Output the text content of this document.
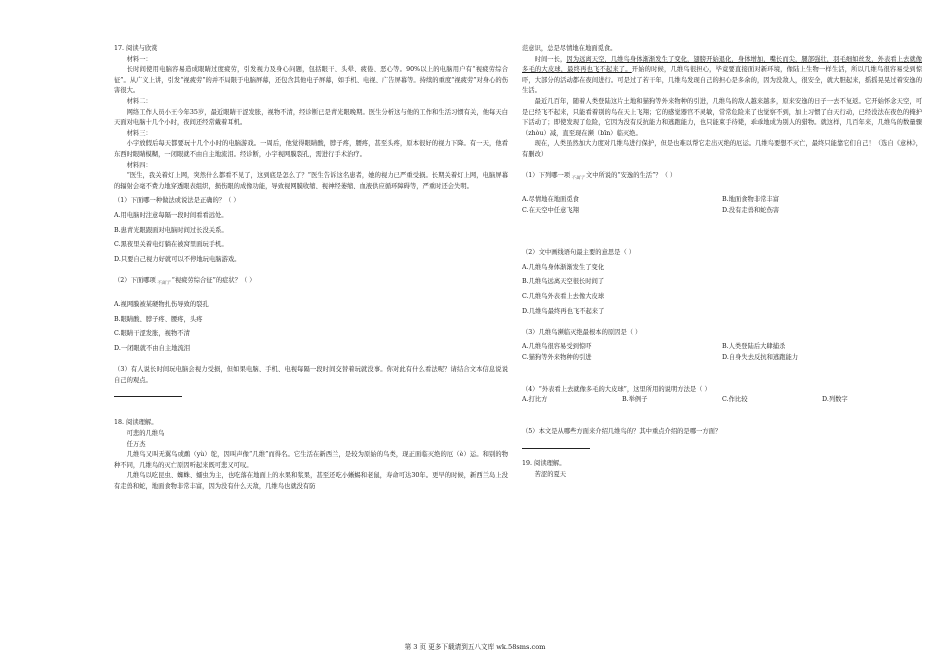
17. 阅读与欣赏

材料一：

长时间使用电脑容易造成眼睛过度疲劳，引发视力及身心问题，包括眼干、头晕、疲倦、恶心等。90%以上的电脑用户有“视疲劳综合征”。从广义上讲，引发“视疲劳”的并不局限于电脑屏幕，还包含其他电子屏幕，如手机、电视、广告屏幕等。持续的重度“视疲劳”对身心的伤害很大。

材料二：

网络工作人员小王今年35岁，最近眼睛干涩发胀，视物不清，经诊断已是青光眼晚期。医生分析这与他的工作和生活习惯有关，他每天白天面对电脑十几个小时，夜间还经常戴着耳机。

材料三：

小宇放假后每天都要玩十几个小时的电脑游戏。一周后，他觉得眼睛酸，脖子疼，腰疼，甚至头疼，原本很好的视力下降。有一天，他看东西时眼睛模糊，一闭眼就不由自主地流泪。经诊断，小宇视网膜裂孔，需进行手术治疗。

材料四：

“医生，我关着灯上网，突然什么都看不见了，这到底是怎么了？”医生告诉这名患者，她的视力已严重受损。长期关着灯上网，电脑屏幕的辐射会毫不费力地穿透眼表组织，损伤眼的成像功能，导致视网膜收缩、视神经萎缩、血液供应循环障碍等，严重时还会失明。

（1）下面哪一种做法或说法是正确的？（ ）

A.用电脑时注意每隔一段时间看看远处。

B.患青光眼跟面对电脑时间过长没关系。

C.黑夜里关着电灯躺在被窝里面玩手机。

D.只要自己视力好就可以不停地玩电脑游戏。

（2）下面哪项$_{不属于}$“视疲劳综合征”的症状？（ ）

A.视网膜被某硬物扎伤导致的裂孔

B.眼睛酸、脖子疼、腰疼，头疼

C.眼睛干涩发胀，视物不清

D.一闭眼就不由自主地流泪

（3）有人说长时间玩电脑会视力受损，但如果电脑、手机、电视每隔一段时间交替着玩就没事。你对此有什么看法呢？请结合文本信息说说自己的观点。

18. 阅读理解。

可悲的几维鸟

任万杰

几维鸟又叫无翼鸟或鹬（yù）鸵，因叫声像“几维”而得名。它生活在新西兰，是较为原始的鸟类，现正面临灭绝的厄（è）运。和别的物种不同，几维鸟的灭亡原因听起来既可悲又可叹。

几维鸟以吃昆虫、蜘蛛、蠕虫为主，也吃落在地面上的水果和浆果，甚至还吃小蜥蜴和老鼠，寿命可达30年。更早的时候，新西兰岛上没有走兽和蛇，地面食物非常丰富，因为没有什么天敌，几维鸟也就没有防

范意识，总是尽情地在地面觅食。

时间一长，因为远离天空，几维鸟身体渐渐发生了变化，翅膀开始退化，身体增加，嘴长而尖，腿部强壮，羽毛细如丝发，外表看上去就像多毛的大皮球，最终再也飞不起来了。开始的时候，几维鸟很担心，毕竟要直接面对新环境，像陆上生物一样生活，所以几维鸟很容易受到惊吓，大部分的活动都在夜间进行。可是过了若干年，几维鸟发现自己的担心是多余的，因为没敌人，很安全，就大胆起来，摇摇晃晃过着安逸的生活。

最近几百年，随着人类登陆这片土地和猫狗等外来物种的引进，几维鸟的敌人越来越多，原来安逸的日子一去不复返。它开始怀念天空，可是已经飞不起来，只能看着别的鸟在天上飞翔；它的感觉器官不灵敏，常常危险来了也觉察不到，加上习惯了白天行动，已经没法在夜色的掩护下活动了；即使发现了危险，它因为没有反抗能力和逃跑能力，也只能束手待毙，乖乖地成为别人的猎物。就这样，几百年来，几维鸟的数量骤（zhòu）减，直至现在濒（bīn）临灭绝。

现在，人类虽然加大力度对几维鸟进行保护，但是也难以帮它走出灭绝的厄运。几维鸟要想不灭亡，最终只能靠它们自己！（选自《意林》，有删改）

（1）下列哪一项$_{不属于}$文中所说的“安逸的生活”？（ ）

A.尽情地在地面觅食	B.地面食物非常丰富
C.在天空中任意飞翔	D.没有走兽和蛇伤害

（2）文中画线语句最主要的意思是（ ）

A.几维鸟身体渐渐发生了变化

B.几维鸟远离天空很长时间了

C.几维鸟外表看上去像大皮球

D.几维鸟最终再也飞不起来了

（3）几维鸟濒临灭绝最根本的原因是（ ）

A.几维鸟很容易受到惊吓	B.人类登陆后大肆捕杀
C.猫狗等外来物种的引进	D.自身失去反抗和逃跑能力

（4）“外表看上去就像多毛的大皮球”，这里所用的说明方法是（ ）

A.打比方	B.举例子	C.作比较	D.列数字

（5）本文是从哪些方面来介绍几维鸟的？其中重点介绍的是哪一方面？

19. 阅读理解。

苦涩的夏天

第 3 页 更多下载请到五八文库 wk.58sms.com
